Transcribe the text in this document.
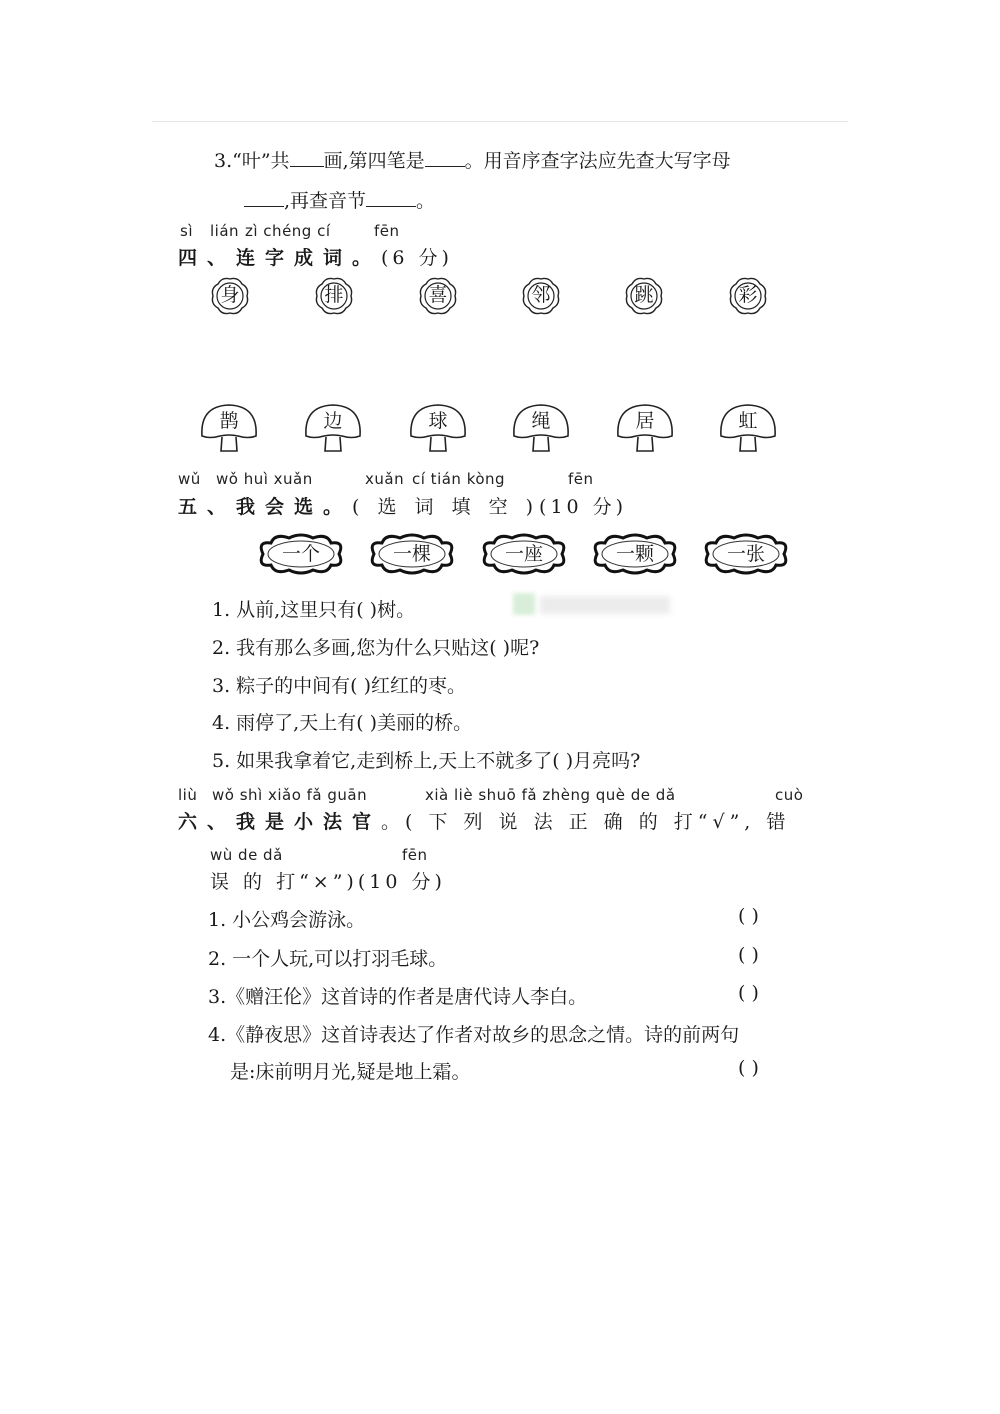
3.“叶”共 画,第四笔是 。用音序查字法应先查大写字母
,再查音节	。
sì lián zì chéng cí	fēn
四、连字成词。(6 分)
身	排	喜	邻	跳	彩
鹊	边	球	绳	居	虹
wǔ wǒ huì xuǎn	xuǎn cí tián kòng	fēn
五、我会选。( 选 词 填 空 )(10 分)
一个	一棵	一座	一颗	一张
1. 从前,这里只有( )树。
2. 我有那么多画,您为什么只贴这( )呢?
3. 粽子的中间有( )红红的枣。
4. 雨停了,天上有( )美丽的桥。
5. 如果我拿着它,走到桥上,天上不就多了( )月亮吗?
liù wǒ shì xiǎo fǎ guān	xià liè shuō fǎ zhèng què de dǎ	cuò
六、我是小法官。( 下 列 说 法 正 确 的 打“√”, 错
wù de dǎ	fēn
误 的 打“×”)(10 分)
1. 小公鸡会游泳。	( )
2. 一个人玩,可以打羽毛球。	( )
3.《赠汪伦》这首诗的作者是唐代诗人李白。	( )
4.《静夜思》这首诗表达了作者对故乡的思念之情。诗的前两句
是:床前明月光,疑是地上霜。	( )
